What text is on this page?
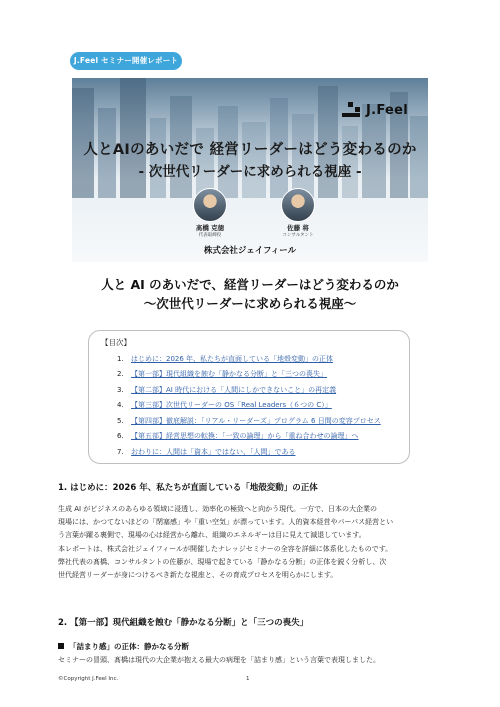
J.Feel セミナー開催レポート
J.Feel
人とAIのあいだで 経営リーダーはどう変わるのか
- 次世代リーダーに求められる視座 -
髙橋 克徳
代表取締役
佐藤 将
コンサルタント
株式会社ジェイフィール
人と AI のあいだで、経営リーダーはどう変わるのか
〜次世代リーダーに求められる視座〜
【目次】
1.	はじめに：2026 年、私たちが直面している「地殻変動」の正体
2.	【第一部】現代組織を蝕む「静かなる分断」と「三つの喪失」
3.	【第二部】AI 時代における「人間にしかできないこと」の再定義
4.	【第三部】次世代リーダーの OS「Real Leaders（６つの C）」
5.	【第四部】徹底解説：「リアル・リーダーズ」プログラム 6 日間の変容プロセス
6.	【第五部】経営思想の転換：「一致の論理」から「重ね合わせの論理」へ
7.	おわりに：人間は「資本」ではない、「人間」である
1. はじめに：2026 年、私たちが直面している「地殻変動」の正体

生成 AI がビジネスのあらゆる領域に浸透し、効率化の極致へと向かう現代。一方で、日本の大企業の

現場には、かつてないほどの「閉塞感」や「重い空気」が漂っています。人的資本経営やパーパス経営とい

う言葉が躍る裏側で、現場の心は経営から離れ、組織のエネルギーは目に見えて減退しています。

本レポートは、株式会社ジェイフィールが開催したナレッジセミナーの全容を詳細に体系化したものです。

弊社代表の髙橋、コンサルタントの佐藤が、現場で起きている「静かなる分断」の正体を鋭く分析し、次

世代経営リーダーが身につけるべき新たな視座と、その育成プロセスを明らかにします。

2. 【第一部】現代組織を蝕む「静かなる分断」と「三つの喪失」
「詰まり感」の正体：静かなる分断

セミナーの冒頭、髙橋は現代の大企業が抱える最大の病理を「詰まり感」という言葉で表現しました。

©Copyright J.Feel Inc.	1
